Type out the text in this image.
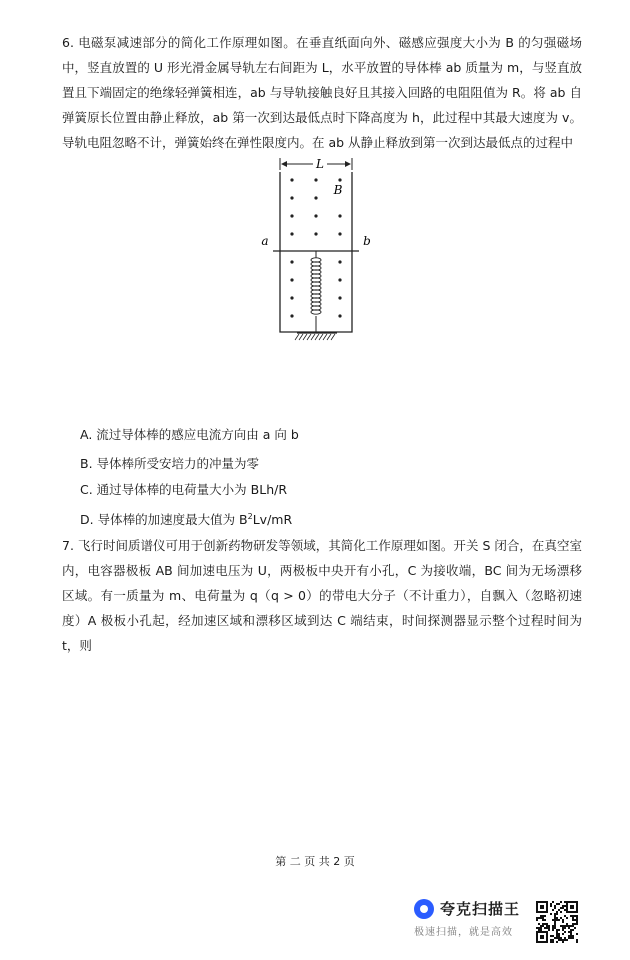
6. 电磁泵减速部分的简化工作原理如图。在垂直纸面向外、磁感应强度大小为 B 的匀强磁场中，竖直放置的 U 形光滑金属导轨左右间距为 L，水平放置的导体棒 ab 质量为 m，与竖直放置且下端固定的绝缘轻弹簧相连，ab 与导轨接触良好且其接入回路的电阻阻值为 R。将 ab 自弹簧原长位置由静止释放，ab 第一次到达最低点时下降高度为 h，此过程中其最大速度为 v。导轨电阻忽略不计，弹簧始终在弹性限度内。在 ab 从静止释放到第一次到达最低点的过程中

L
B
a	b

A. 流过导体棒的感应电流方向由 a 向 b

B. 导体棒所受安培力的冲量为零

C. 通过导体棒的电荷量大小为 BLh/R

D. 导体棒的加速度最大值为 $B^2Lv/mR$

7. 飞行时间质谱仪可用于创新药物研发等领域，其简化工作原理如图。开关 S 闭合，在真空室内，电容器极板 AB 间加速电压为 U，两极板中央开有小孔，C 为接收端，BC 间为无场漂移区域。有一质量为 m、电荷量为 q（q > 0）的带电大分子（不计重力），自飘入（忽略初速度）A 极板小孔起，经加速区域和漂移区域到达 C 端结束，时间探测器显示整个过程时间为 t，则

第 二 页 共 2 页
夸克扫描王
极速扫描，就是高效
